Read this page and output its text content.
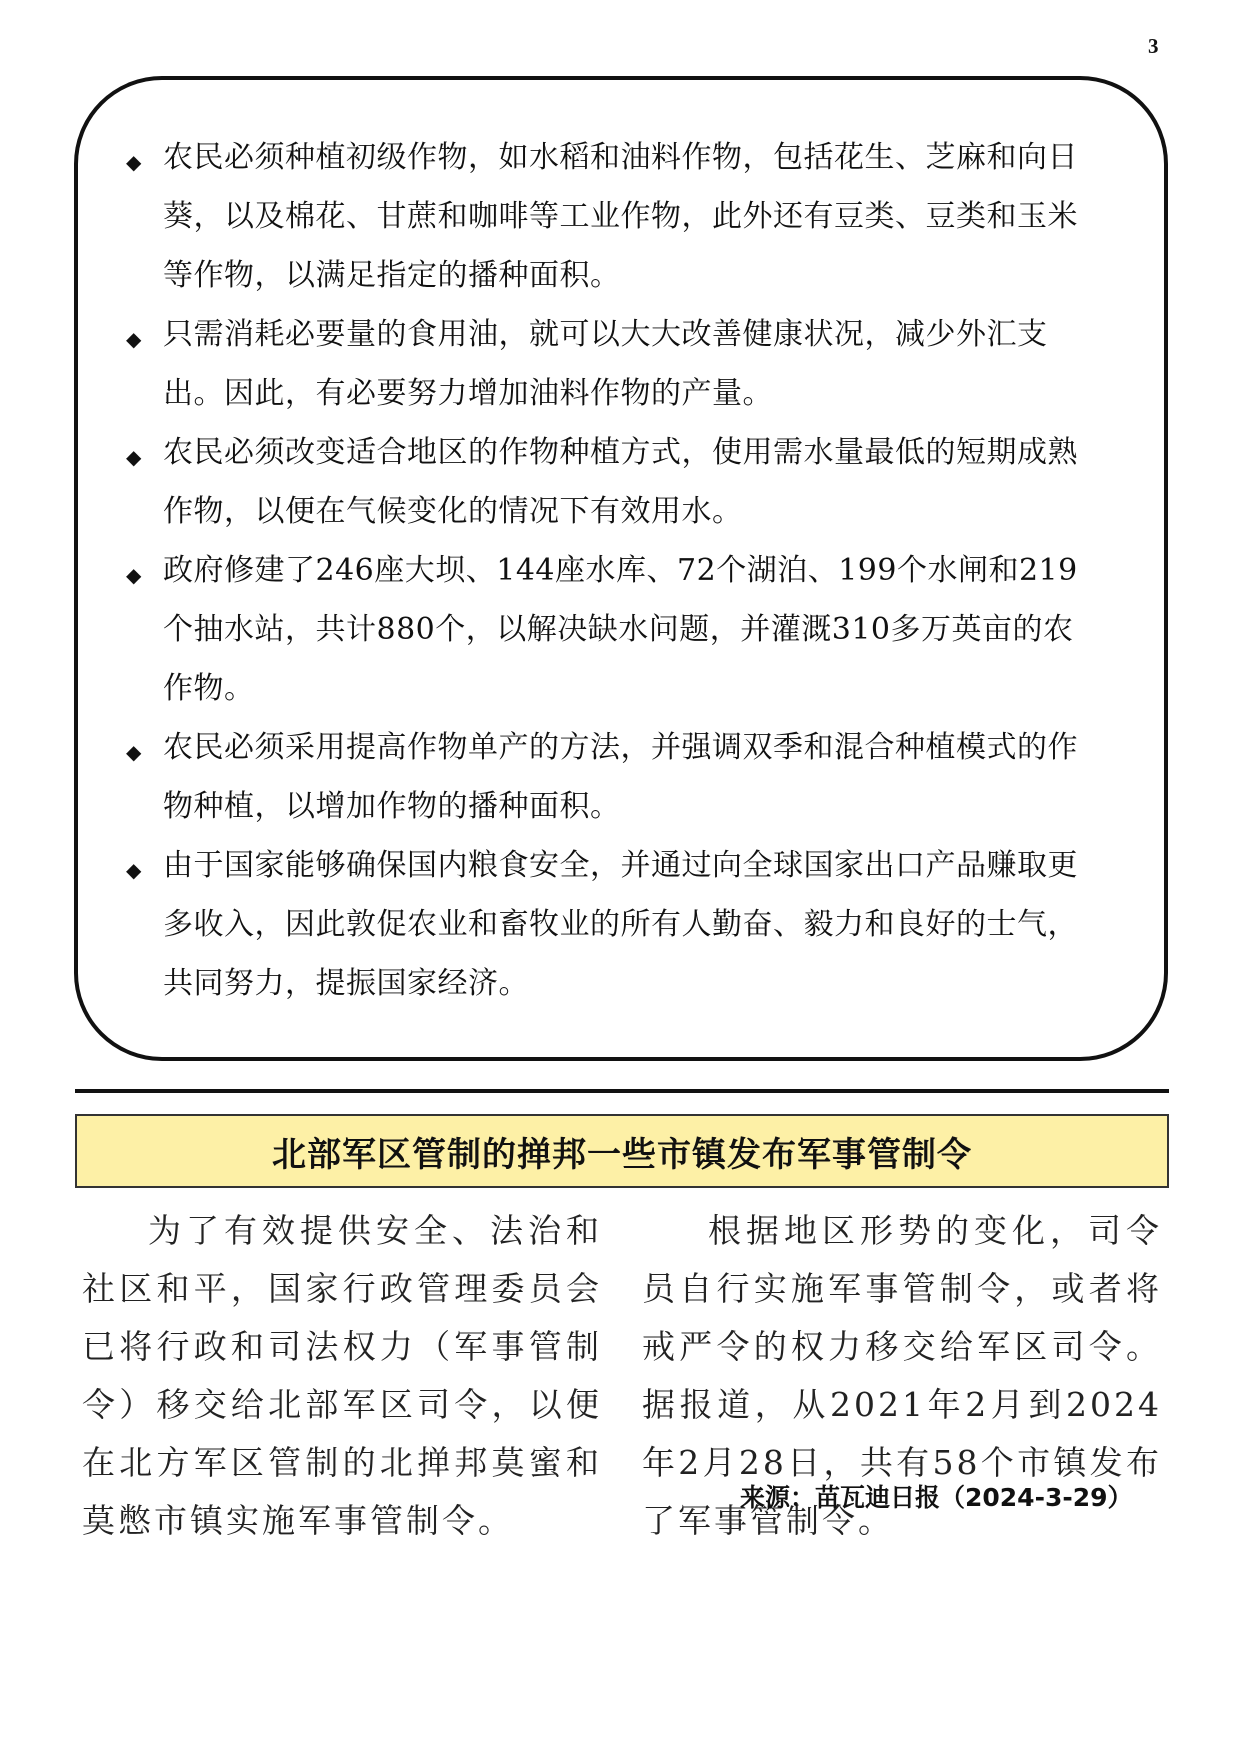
3
◆ 农民必须种植初级作物，如水稻和油料作物，包括花生、芝麻和向日葵，以及棉花、甘蔗和咖啡等工业作物，此外还有豆类、豆类和玉米等作物，以满足指定的播种面积。
◆ 只需消耗必要量的食用油，就可以大大改善健康状况，减少外汇支出。因此，有必要努力增加油料作物的产量。
◆ 农民必须改变适合地区的作物种植方式，使用需水量最低的短期成熟作物，以便在气候变化的情况下有效用水。
◆ 政府修建了246座大坝、144座水库、72个湖泊、199个水闸和219个抽水站，共计880个，以解决缺水问题，并灌溉310多万英亩的农作物。
◆ 农民必须采用提高作物单产的方法，并强调双季和混合种植模式的作物种植，以增加作物的播种面积。
◆ 由于国家能够确保国内粮食安全，并通过向全球国家出口产品赚取更多收入，因此敦促农业和畜牧业的所有人勤奋、毅力和良好的士气，共同努力，提振国家经济。
北部军区管制的掸邦一些市镇发布军事管制令

为了有效提供安全、法治和社区和平，国家行政管理委员会已将行政和司法权力（军事管制令）移交给北部军区司令，以便在北方军区管制的北掸邦莫蜜和莫憋市镇实施军事管制令。

根据地区形势的变化，司令员自行实施军事管制令，或者将戒严令的权力移交给军区司令。据报道，从2021年2月到2024年2月28日，共有58个市镇发布了军事管制令。

来源：苗瓦迪日报（2024-3-29）
